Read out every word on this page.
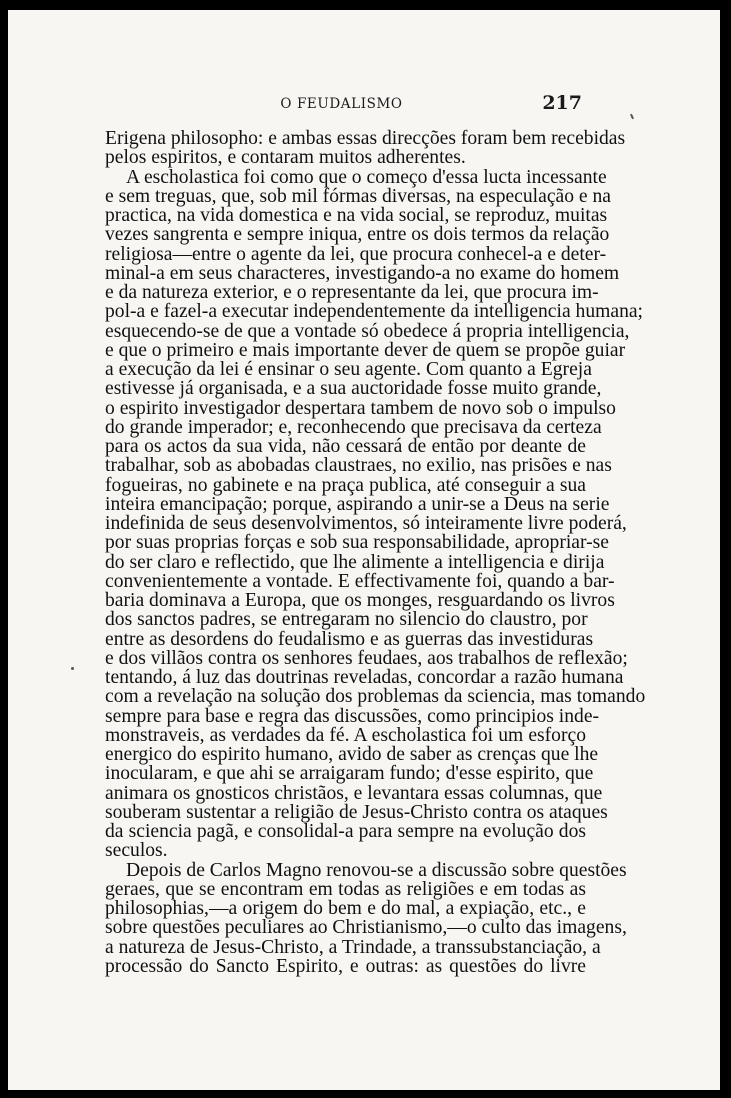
O FEUDALISMO	217
Erigena philosopho: e ambas essas direcções foram bem recebidas
pelos espiritos, e contaram muitos adherentes.
A escholastica foi como que o começo d'essa lucta incessante
e sem treguas, que, sob mil fórmas diversas, na especulação e na
practica, na vida domestica e na vida social, se reproduz, muitas
vezes sangrenta e sempre iniqua, entre os dois termos da relação
religiosa—entre o agente da lei, que procura conhecel-a e deter-
minal-a em seus characteres, investigando-a no exame do homem
e da natureza exterior, e o representante da lei, que procura im-
pol-a e fazel-a executar independentemente da intelligencia humana;
esquecendo-se de que a vontade só obedece á propria intelligencia,
e que o primeiro e mais importante dever de quem se propõe guiar
a execução da lei é ensinar o seu agente. Com quanto a Egreja
estivesse já organisada, e a sua auctoridade fosse muito grande,
o espirito investigador despertara tambem de novo sob o impulso
do grande imperador; e, reconhecendo que precisava da certeza
para os actos da sua vida, não cessará de então por deante de
trabalhar, sob as abobadas claustraes, no exilio, nas prisões e nas
fogueiras, no gabinete e na praça publica, até conseguir a sua
inteira emancipação; porque, aspirando a unir-se a Deus na serie
indefinida de seus desenvolvimentos, só inteiramente livre poderá,
por suas proprias forças e sob sua responsabilidade, apropriar-se
do ser claro e reflectido, que lhe alimente a intelligencia e dirija
convenientemente a vontade. E effectivamente foi, quando a bar-
baria dominava a Europa, que os monges, resguardando os livros
dos sanctos padres, se entregaram no silencio do claustro, por
entre as desordens do feudalismo e as guerras das investiduras
e dos villãos contra os senhores feudaes, aos trabalhos de reflexão;
tentando, á luz das doutrinas reveladas, concordar a razão humana
com a revelação na solução dos problemas da sciencia, mas tomando
sempre para base e regra das discussões, como principios inde-
monstraveis, as verdades da fé. A escholastica foi um esforço
energico do espirito humano, avido de saber as crenças que lhe
inocularam, e que ahi se arraigaram fundo; d'esse espirito, que
animara os gnosticos christãos, e levantara essas columnas, que
souberam sustentar a religião de Jesus-Christo contra os ataques
da sciencia pagã, e consolidal-a para sempre na evolução dos
seculos.
Depois de Carlos Magno renovou-se a discussão sobre questões
geraes, que se encontram em todas as religiões e em todas as
philosophias,—a origem do bem e do mal, a expiação, etc., e
sobre questões peculiares ao Christianismo,—o culto das imagens,
a natureza de Jesus-Christo, a Trindade, a transsubstanciação, a
processão do Sancto Espirito, e outras: as questões do livre
